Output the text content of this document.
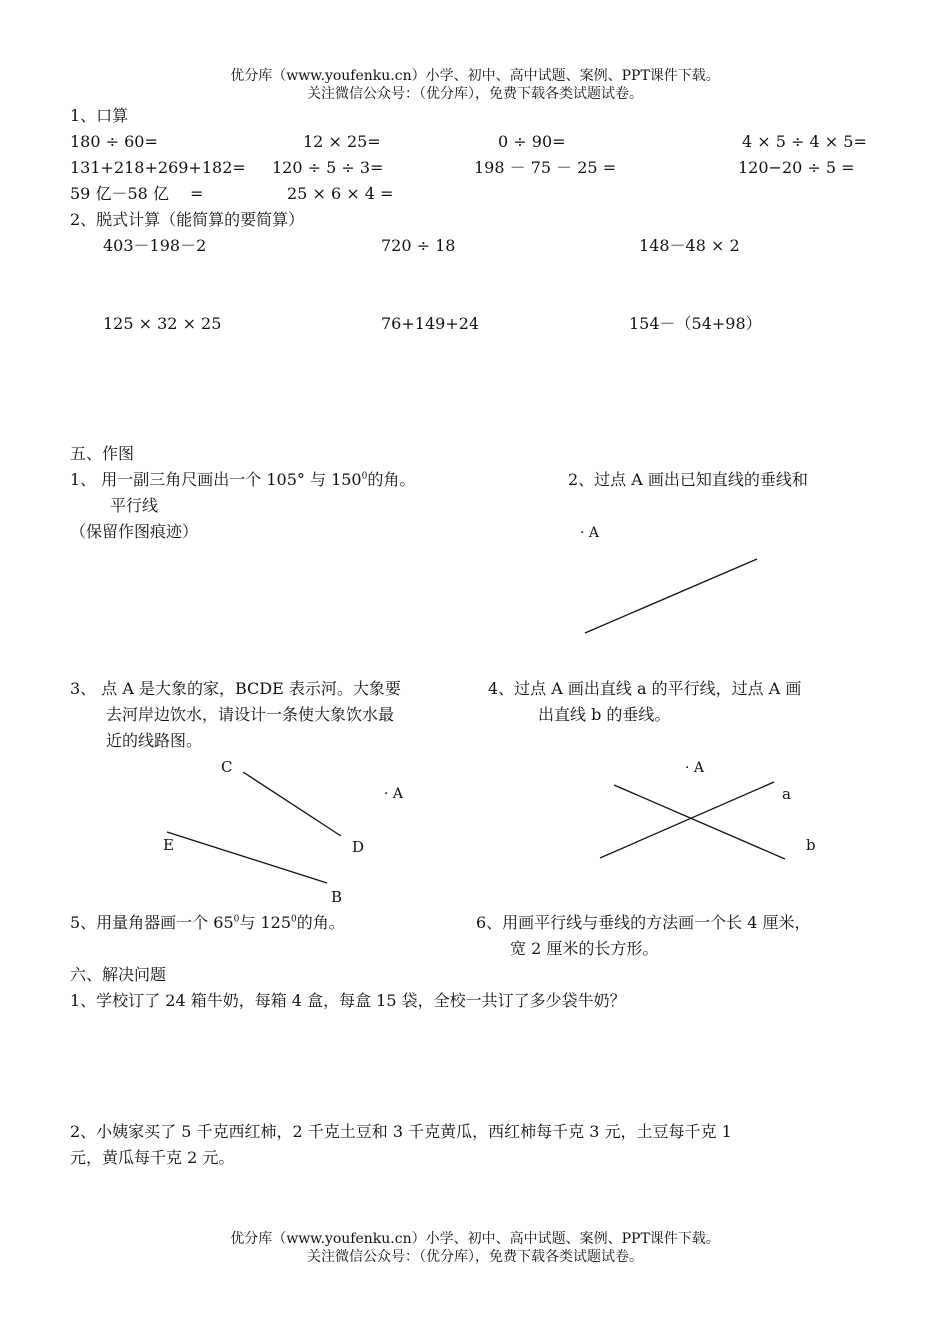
优分库（www.youfenku.cn）小学、初中、高中试题、案例、PPT课件下载。
关注微信公众号：（优分库），免费下载各类试题试卷。
1、口算
180 ÷ 60=	12 × 25=	0 ÷ 90=	4 × 5 ÷ 4 × 5=
131+218+269+182= 120 ÷ 5 ÷ 3=	198 － 75 － 25 =	120−20 ÷ 5 =
59 亿－58 亿　 =	25 × 6 × 4 =
2、脱式计算（能简算的要简算）
403－198－2	720 ÷ 18	148－48 × 2
125 × 32 × 25	76+149+24	154－（54+98）
五、作图
1、 用一副三角尺画出一个 105° 与 $150^0$的角。
平行线
（保留作图痕迹）
2、过点 A 画出已知直线的垂线和
· A
3、 点 A 是大象的家，BCDE 表示河。大象要
去河岸边饮水，请设计一条使大象饮水最
近的线路图。
4、过点 A 画出直线 a 的平行线，过点 A 画
出直线 b 的垂线。
C
· A
E	D
B
· A
a
b
5、用量角器画一个 $65^0$与 $125^0$的角。	6、用画平行线与垂线的方法画一个长 4 厘米，
宽 2 厘米的长方形。
六、解决问题
1、学校订了 24 箱牛奶，每箱 4 盒，每盒 15 袋，全校一共订了多少袋牛奶？
2、小姨家买了 5 千克西红柿，2 千克土豆和 3 千克黄瓜，西红柿每千克 3 元，土豆每千克 1
元，黄瓜每千克 2 元。
优分库（www.youfenku.cn）小学、初中、高中试题、案例、PPT课件下载。
关注微信公众号：（优分库），免费下载各类试题试卷。
